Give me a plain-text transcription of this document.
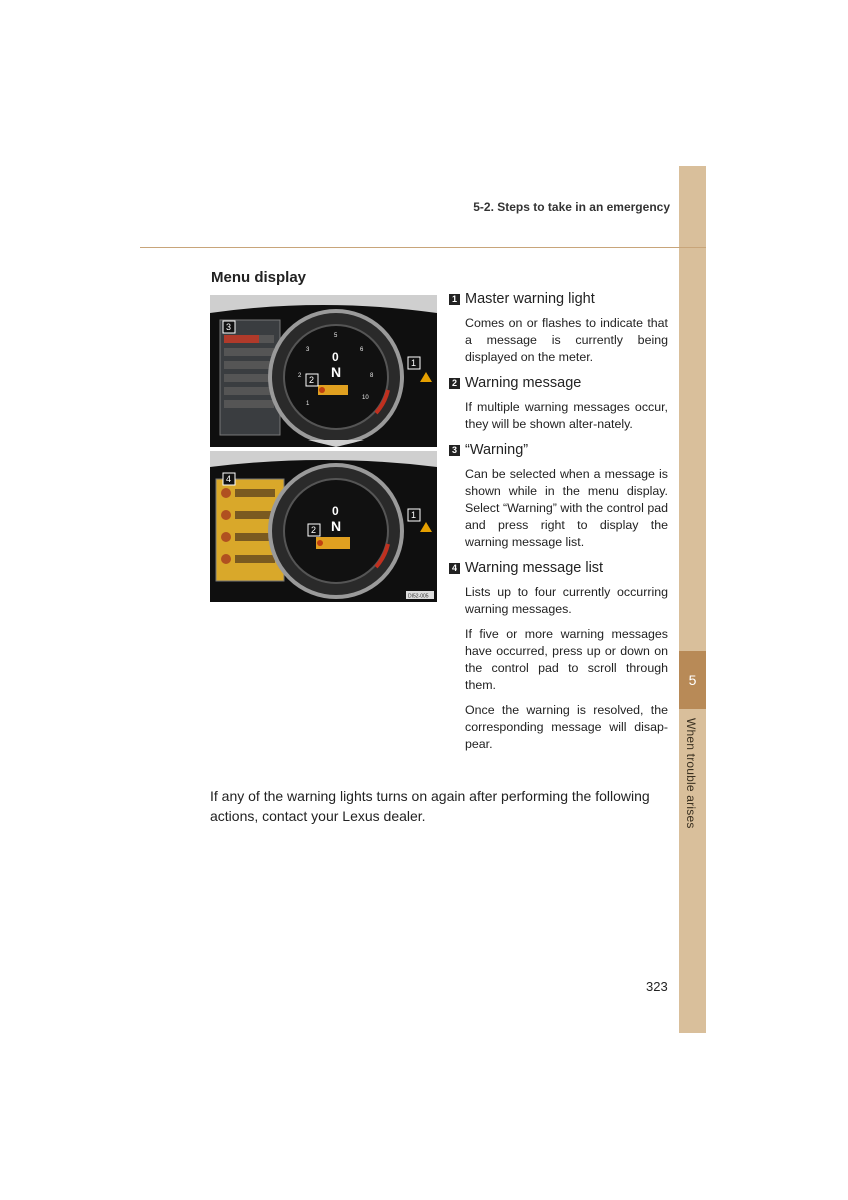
5
When trouble arises
5-2. Steps to take in an emergency
Menu display
1
2
3
5
6
8
10
0
N
3
1
2
0
N
4
1
2
DI52-005
1 Master warning light

Comes on or flashes to indicate that a message is currently being displayed on the meter.

2 Warning message

If multiple warning messages occur, they will be shown alter-nately.

3 “Warning”

Can be selected when a message is shown while in the menu display. Select “Warning” with the control pad and press right to display the warning message list.

4 Warning message list

Lists up to four currently occurring warning messages.

If five or more warning messages have occurred, press up or down on the control pad to scroll through them.

Once the warning is resolved, the corresponding message will disap-pear.

If any of the warning lights turns on again after performing the following actions, contact your Lexus dealer.
323
